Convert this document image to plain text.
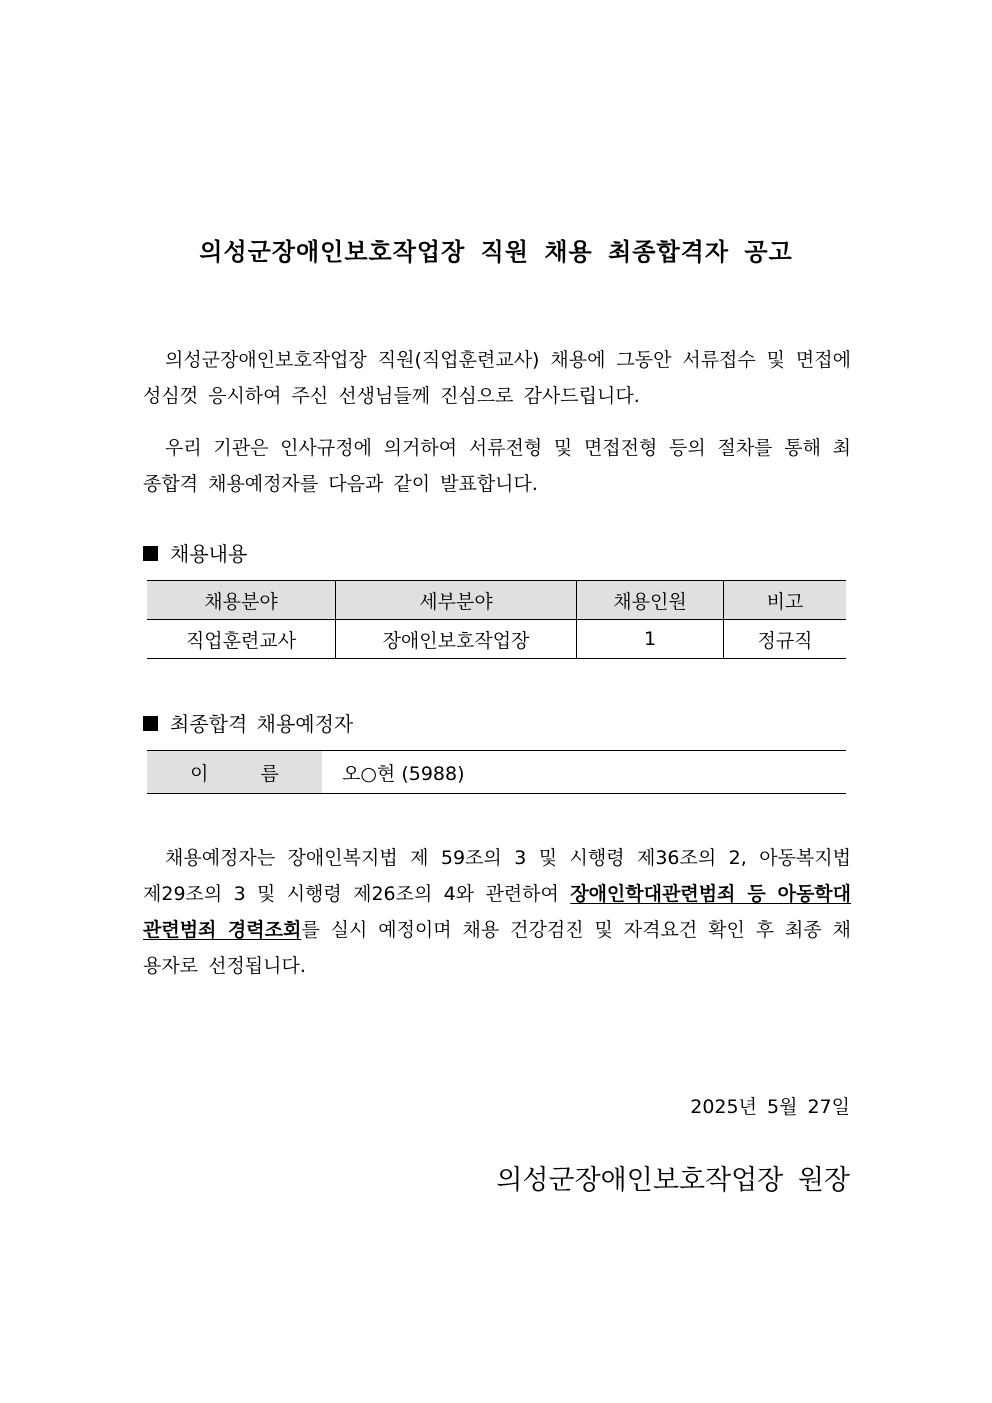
의성군장애인보호작업장 직원 채용 최종합격자 공고
의성군장애인보호작업장 직원(직업훈련교사) 채용에 그동안 서류접수 및 면접에 성심껏 응시하여 주신 선생님들께 진심으로 감사드립니다.
우리 기관은 인사규정에 의거하여 서류전형 및 면접전형 등의 절차를 통해 최종합격 채용예정자를 다음과 같이 발표합니다.
채용내용
채용분야	세부분야	채용인원	비고
직업훈련교사	장애인보호작업장	1	정규직
최종합격 채용예정자
이	름	오○현 (5988)
채용예정자는 장애인복지법 제 59조의 3 및 시행령 제36조의 2, 아동복지법 제29조의 3 및 시행령 제26조의 4와 관련하여 장애인학대관련범죄 등 아동학대관련범죄 경력조회를 실시 예정이며 채용 건강검진 및 자격요건 확인 후 최종 채용자로 선정됩니다.
2025년 5월 27일
의성군장애인보호작업장 원장
